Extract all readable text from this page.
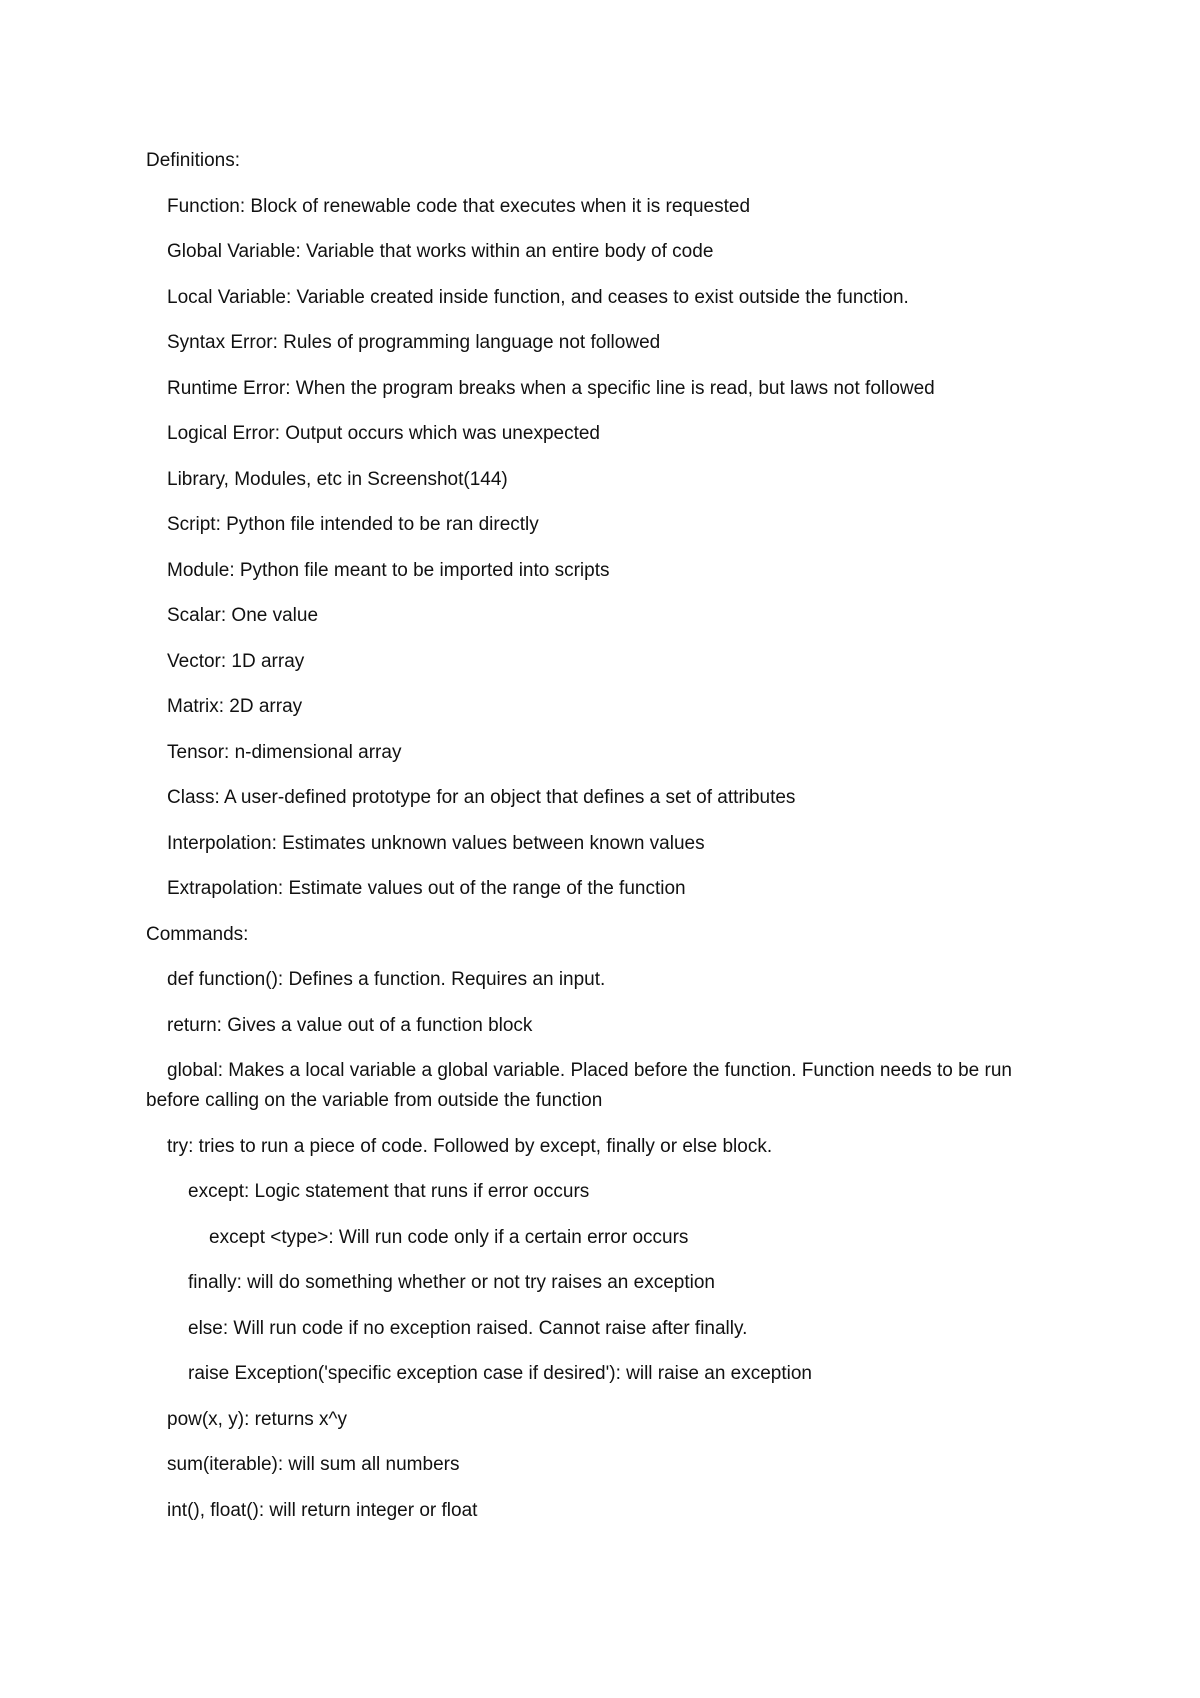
Definitions:
Function: Block of renewable code that executes when it is requested
Global Variable: Variable that works within an entire body of code
Local Variable: Variable created inside function, and ceases to exist outside the function.
Syntax Error: Rules of programming language not followed
Runtime Error: When the program breaks when a specific line is read, but laws not followed
Logical Error: Output occurs which was unexpected
Library, Modules, etc in Screenshot(144)
Script: Python file intended to be ran directly
Module: Python file meant to be imported into scripts
Scalar: One value
Vector: 1D array
Matrix: 2D array
Tensor: n-dimensional array
Class: A user-defined prototype for an object that defines a set of attributes
Interpolation: Estimates unknown values between known values
Extrapolation: Estimate values out of the range of the function
Commands:
def function(): Defines a function. Requires an input.
return: Gives a value out of a function block
global: Makes a local variable a global variable. Placed before the function. Function needs to be run before calling on the variable from outside the function
try: tries to run a piece of code. Followed by except, finally or else block.
except: Logic statement that runs if error occurs
except <type>: Will run code only if a certain error occurs
finally: will do something whether or not try raises an exception
else: Will run code if no exception raised. Cannot raise after finally.
raise Exception('specific exception case if desired'): will raise an exception
pow(x, y): returns x^y
sum(iterable): will sum all numbers
int(), float(): will return integer or float
